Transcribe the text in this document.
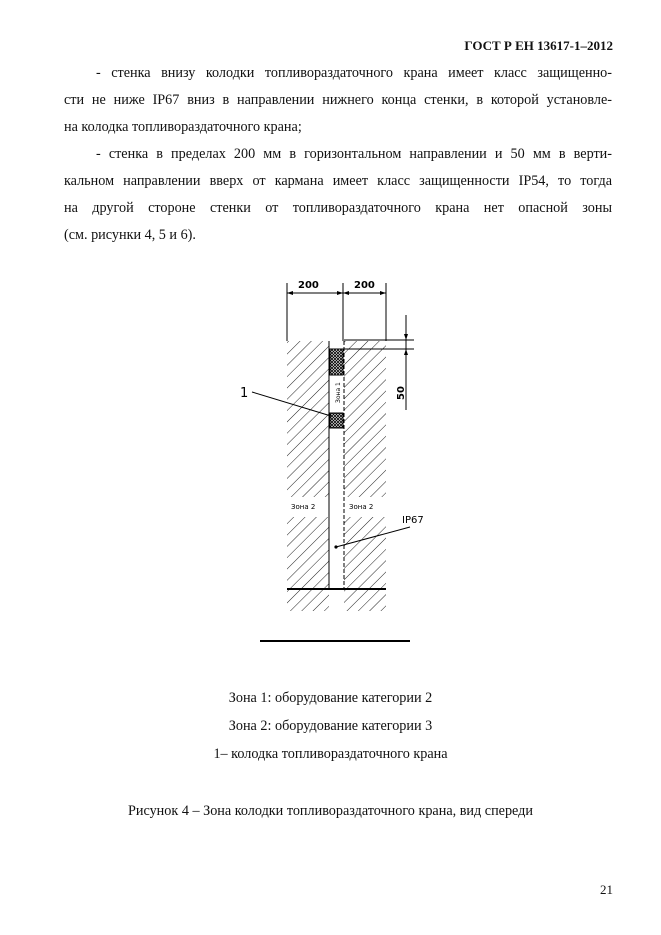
ГОСТ Р ЕН 13617-1–2012
- стенка внизу колодки топливораздаточного крана имеет класс защищенно-
сти не ниже IP67 вниз в направлении нижнего конца стенки, в которой установле-
на колодка топливораздаточного крана;
- стенка в пределах 200 мм в горизонтальном направлении и 50 мм в верти-
кальном направлении вверх от кармана имеет класс защищенности IP54, то тогда
на другой стороне стенки от топливораздаточного крана нет опасной зоны
(см. рисунки 4, 5 и 6).
Зона 1
200	200
50
1
Зона 2	Зона 2
IP67
Зона 1: оборудование категории 2
Зона 2: оборудование категории 3
1– колодка топливораздаточного крана
Рисунок 4 – Зона колодки топливораздаточного крана, вид спереди
21
